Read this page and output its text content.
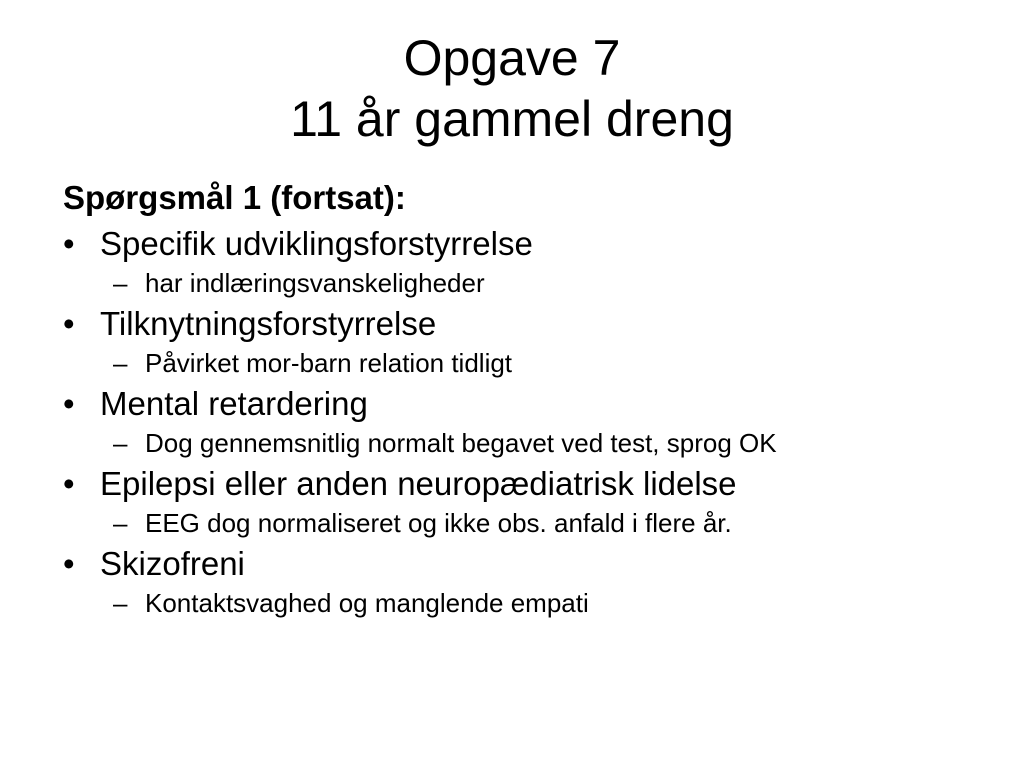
Opgave 7
11 år gammel dreng
Spørgsmål 1 (fortsat):
• Specifik udviklingsforstyrrelse
– har indlæringsvanskeligheder
• Tilknytningsforstyrrelse
– Påvirket mor-barn relation tidligt
• Mental retardering
– Dog gennemsnitlig normalt begavet ved test, sprog OK
• Epilepsi eller anden neuropædiatrisk lidelse
– EEG dog normaliseret og ikke obs. anfald i flere år.
• Skizofreni
– Kontaktsvaghed og manglende empati
